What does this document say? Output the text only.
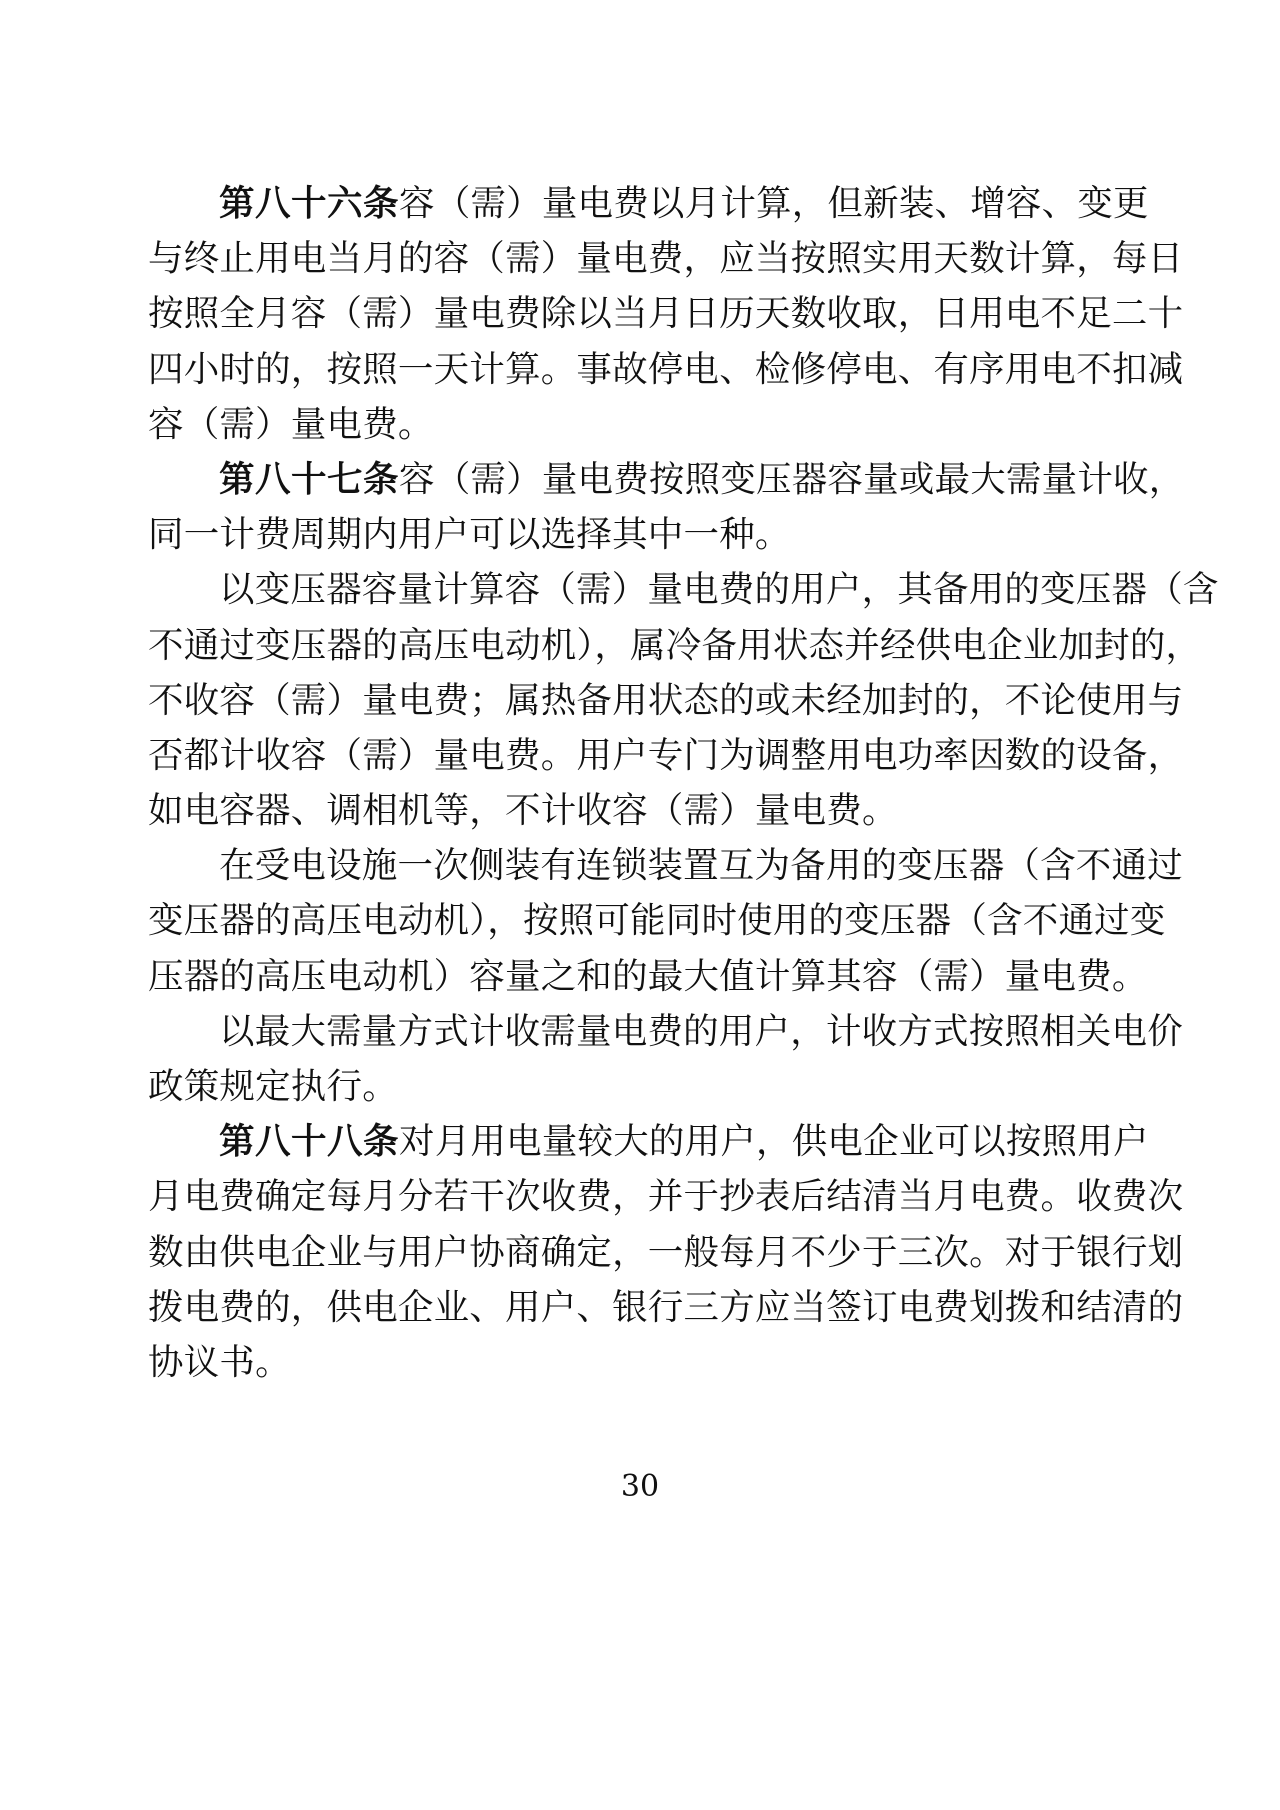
第八十六条 容（需）量电费以月计算，但新装、增容、变更
与终止用电当月的容（需）量电费，应当按照实用天数计算，每日
按照全月容（需）量电费除以当月日历天数收取，日用电不足二十
四小时的，按照一天计算。事故停电、检修停电、有序用电不扣减
容（需）量电费。
第八十七条 容（需）量电费按照变压器容量或最大需量计收，
同一计费周期内用户可以选择其中一种。
以变压器容量计算容（需）量电费的用户，其备用的变压器（含
不通过变压器的高压电动机），属冷备用状态并经供电企业加封的，
不收容（需）量电费；属热备用状态的或未经加封的，不论使用与
否都计收容（需）量电费。用户专门为调整用电功率因数的设备，
如电容器、调相机等，不计收容（需）量电费。
在受电设施一次侧装有连锁装置互为备用的变压器（含不通过
变压器的高压电动机），按照可能同时使用的变压器（含不通过变
压器的高压电动机）容量之和的最大值计算其容（需）量电费。
以最大需量方式计收需量电费的用户，计收方式按照相关电价
政策规定执行。
第八十八条 对月用电量较大的用户，供电企业可以按照用户
月电费确定每月分若干次收费，并于抄表后结清当月电费。收费次
数由供电企业与用户协商确定，一般每月不少于三次。对于银行划
拨电费的，供电企业、用户、银行三方应当签订电费划拨和结清的
协议书。
30
